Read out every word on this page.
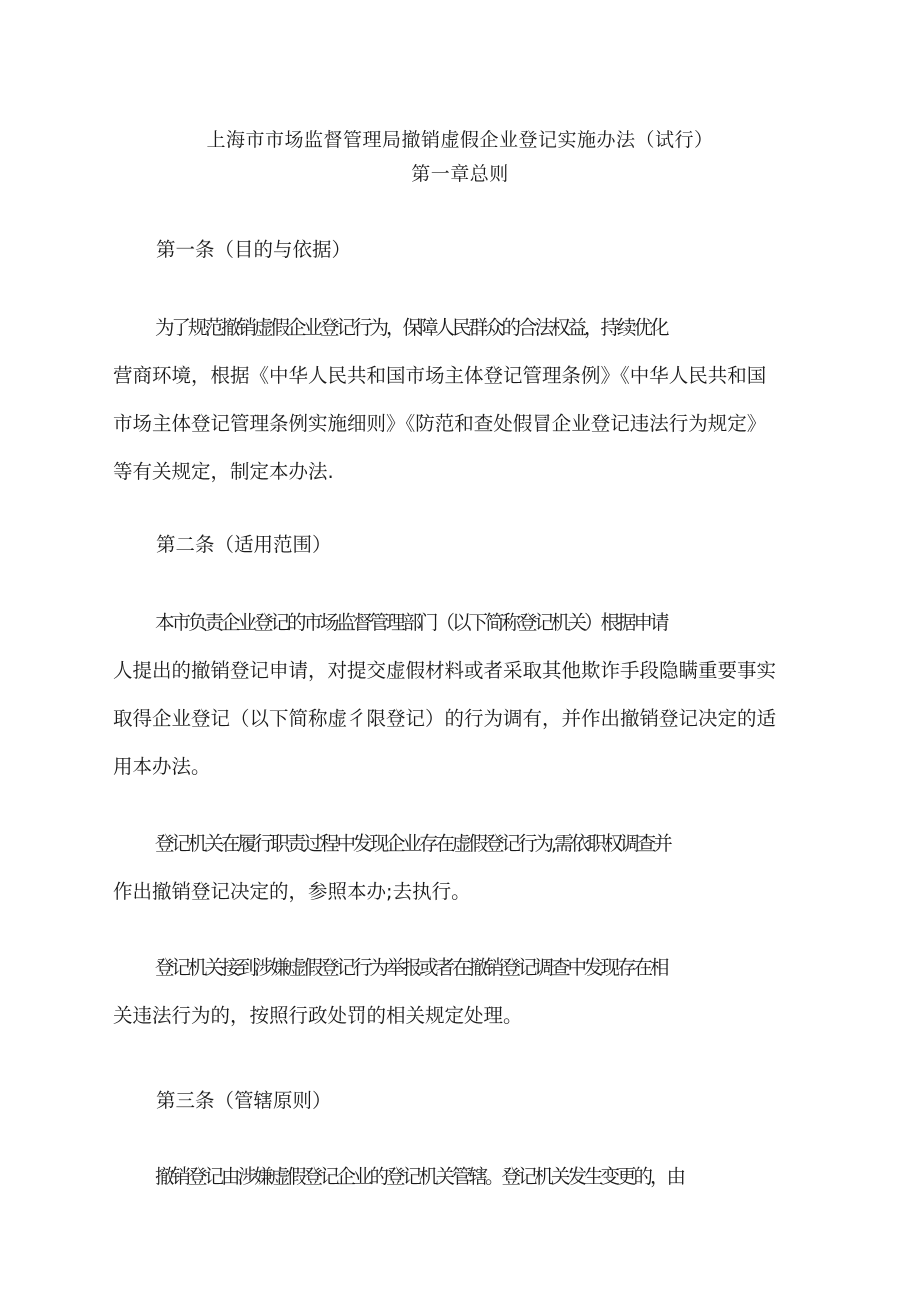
上海市市场监督管理局撤销虚假企业登记实施办法（试行）
第一章总则
第一条（目的与依据）
为了规范撤销虚假企业登记行为，保障人民群众的合法权益，持续优化
营商环境，根据《中华人民共和国市场主体登记管理条例》《中华人民共和国
市场主体登记管理条例实施细则》《防范和查处假冒企业登记违法行为规定》
等有关规定，制定本办法.
第二条（适用范围）
本市负责企业登记的市场监督管理部门（以下简称登记机关）根据申请
人提出的撤销登记申请，对提交虚假材料或者采取其他欺诈手段隐瞒重要事实
取得企业登记（以下简称虚彳限登记）的行为调有，并作出撤销登记决定的适
用本办法。
登记机关在履行职责过程中发现企业存在虚假登记行为,需依职权调查并
作出撤销登记决定的，参照本办;去执行。
登记机关接到涉嫌虚假登记行为举报或者在撤销登记调查中发现存在相
关违法行为的，按照行政处罚的相关规定处理。
第三条（管辖原则）
撤销登记由涉嫌虚假登记企业的登记机关管辖。登记机关发生变更的，由
